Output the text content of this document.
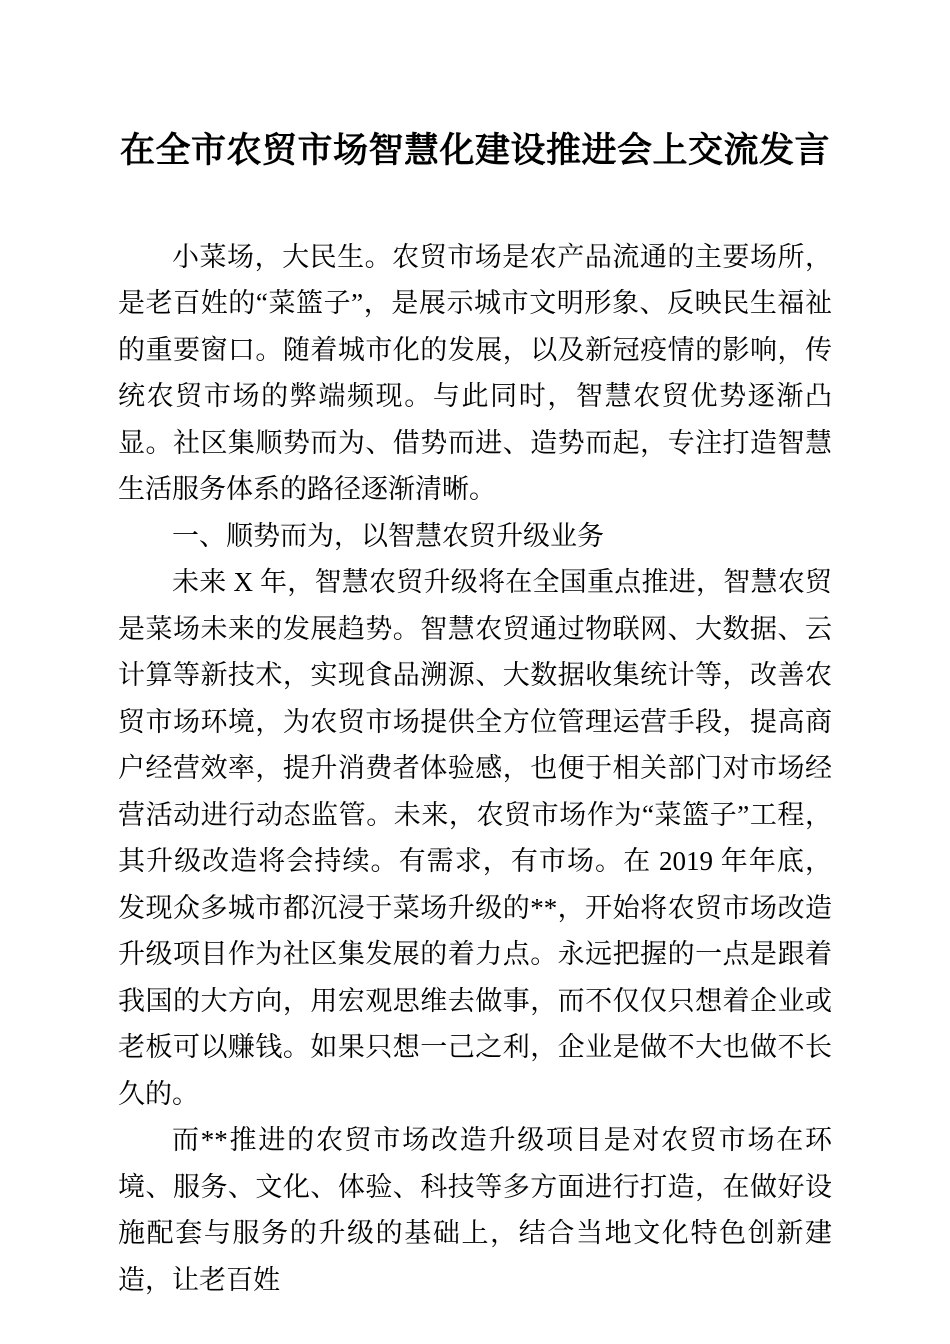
在全市农贸市场智慧化建设推进会上交流发言

小菜场，大民生。农贸市场是农产品流通的主要场所，是老百姓的“菜篮子”，是展示城市文明形象、反映民生福祉的重要窗口。随着城市化的发展，以及新冠疫情的影响，传统农贸市场的弊端频现。与此同时，智慧农贸优势逐渐凸显。社区集顺势而为、借势而进、造势而起，专注打造智慧生活服务体系的路径逐渐清晰。

一、顺势而为，以智慧农贸升级业务

未来 X 年，智慧农贸升级将在全国重点推进，智慧农贸是菜场未来的发展趋势。智慧农贸通过物联网、大数据、云计算等新技术，实现食品溯源、大数据收集统计等，改善农贸市场环境，为农贸市场提供全方位管理运营手段，提高商户经营效率，提升消费者体验感，也便于相关部门对市场经营活动进行动态监管。未来，农贸市场作为“菜篮子”工程，其升级改造将会持续。有需求，有市场。在 2019 年年底，发现众多城市都沉浸于菜场升级的**，开始将农贸市场改造升级项目作为社区集发展的着力点。永远把握的一点是跟着我国的大方向，用宏观思维去做事，而不仅仅只想着企业或老板可以赚钱。如果只想一己之利，企业是做不大也做不长久的。

而**推进的农贸市场改造升级项目是对农贸市场在环境、服务、文化、体验、科技等多方面进行打造，在做好设施配套与服务的升级的基础上，结合当地文化特色创新建造，让老百姓
